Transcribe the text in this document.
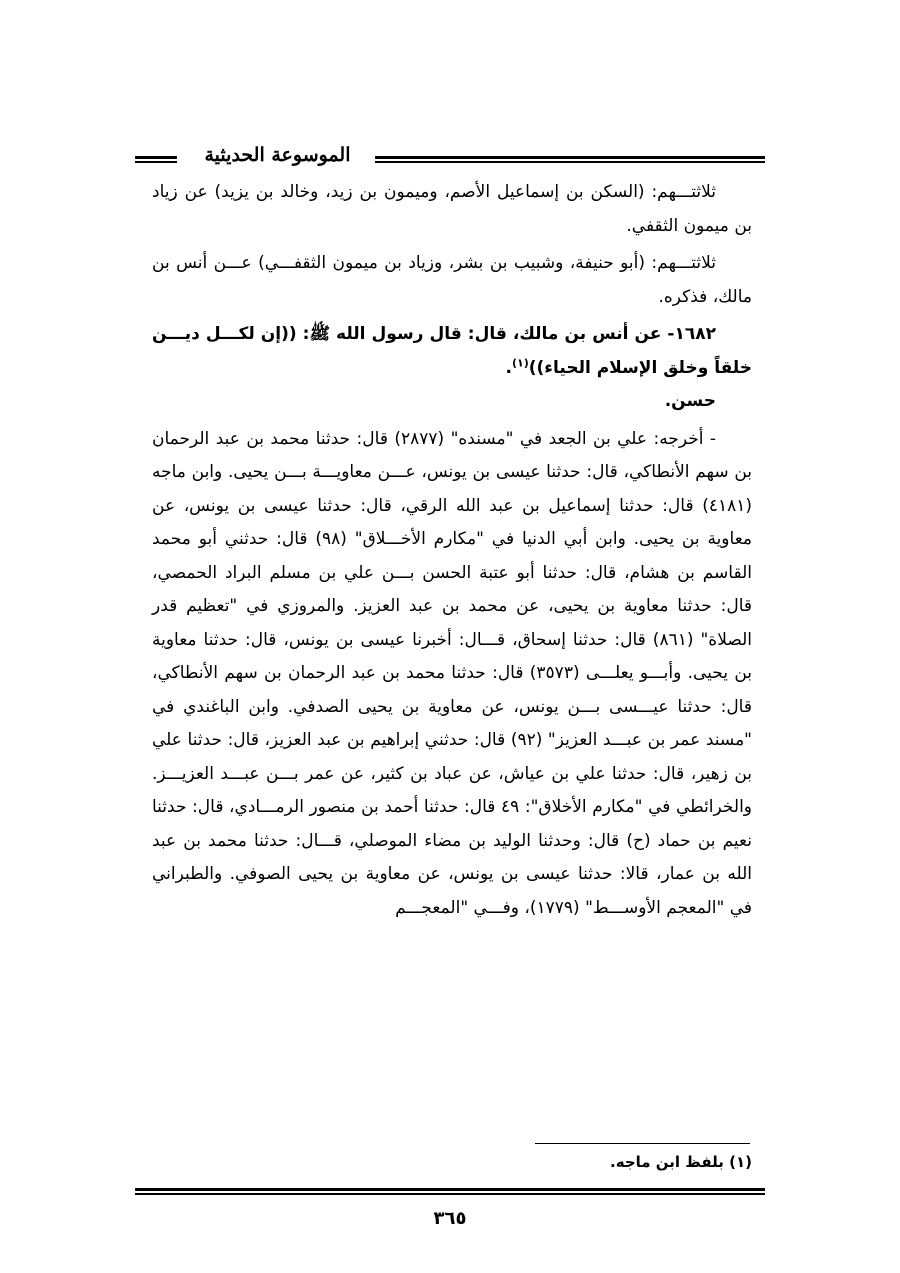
الموسوعة الحديثية

ثلاثتـــهم: (السكن بن إسماعيل الأصم، وميمون بن زيد، وخالد بن يزيد) عن زياد بن ميمون الثقفي.

ثلاثتـــهم: (أبو حنيفة، وشبيب بن بشر، وزياد بن ميمون الثقفـــي) عـــن أنس بن مالك، فذكره.

١٦٨٢- عن أنس بن مالك، قال: قال رسول الله ﷺ: ((إن لكـــل ديـــن خلقاً وخلق الإسلام الحياء))$^{(١)}$.

حسن.

- أخرجه: علي بن الجعد في "مسنده" (٢٨٧٧) قال: حدثنا محمد بن عبد الرحمان بن سهم الأنطاكي، قال: حدثنا عيسى بن يونس، عـــن معاويـــة بـــن يحيى. وابن ماجه (٤١٨١) قال: حدثنا إسماعيل بن عبد الله الرقي، قال: حدثنا عيسى بن يونس، عن معاوية بن يحيى. وابن أبي الدنيا في "مكارم الأخـــلاق" (٩٨) قال: حدثني أبو محمد القاسم بن هشام، قال: حدثنا أبو عتبة الحسن بـــن علي بن مسلم البراد الحمصي، قال: حدثنا معاوية بن يحيى، عن محمد بن عبد العزيز. والمروزي في "تعظيم قدر الصلاة" (٨٦١) قال: حدثنا إسحاق، قـــال: أخبرنا عيسى بن يونس، قال: حدثنا معاوية بن يحيى. وأبـــو يعلـــى (٣٥٧٣) قال: حدثنا محمد بن عبد الرحمان بن سهم الأنطاكي، قال: حدثنا عيـــسى بـــن يونس، عن معاوية بن يحيى الصدفي. وابن الباغندي في "مسند عمر بن عبـــد العزيز" (٩٢) قال: حدثني إبراهيم بن عبد العزيز، قال: حدثنا علي بن زهير، قال: حدثنا علي بن عياش، عن عباد بن كثير، عن عمر بـــن عبـــد العزيـــز. والخرائطي في "مكارم الأخلاق": ٤٩ قال: حدثنا أحمد بن منصور الرمـــادي، قال: حدثنا نعيم بن حماد (ح) قال: وحدثنا الوليد بن مضاء الموصلي، قـــال: حدثنا محمد بن عبد الله بن عمار، قالا: حدثنا عيسى بن يونس، عن معاوية بن يحيى الصوفي. والطبراني في "المعجم الأوســـط" (١٧٧٩)، وفـــي "المعجـــم

(١) بلفظ ابن ماجه.
٣٦٥
